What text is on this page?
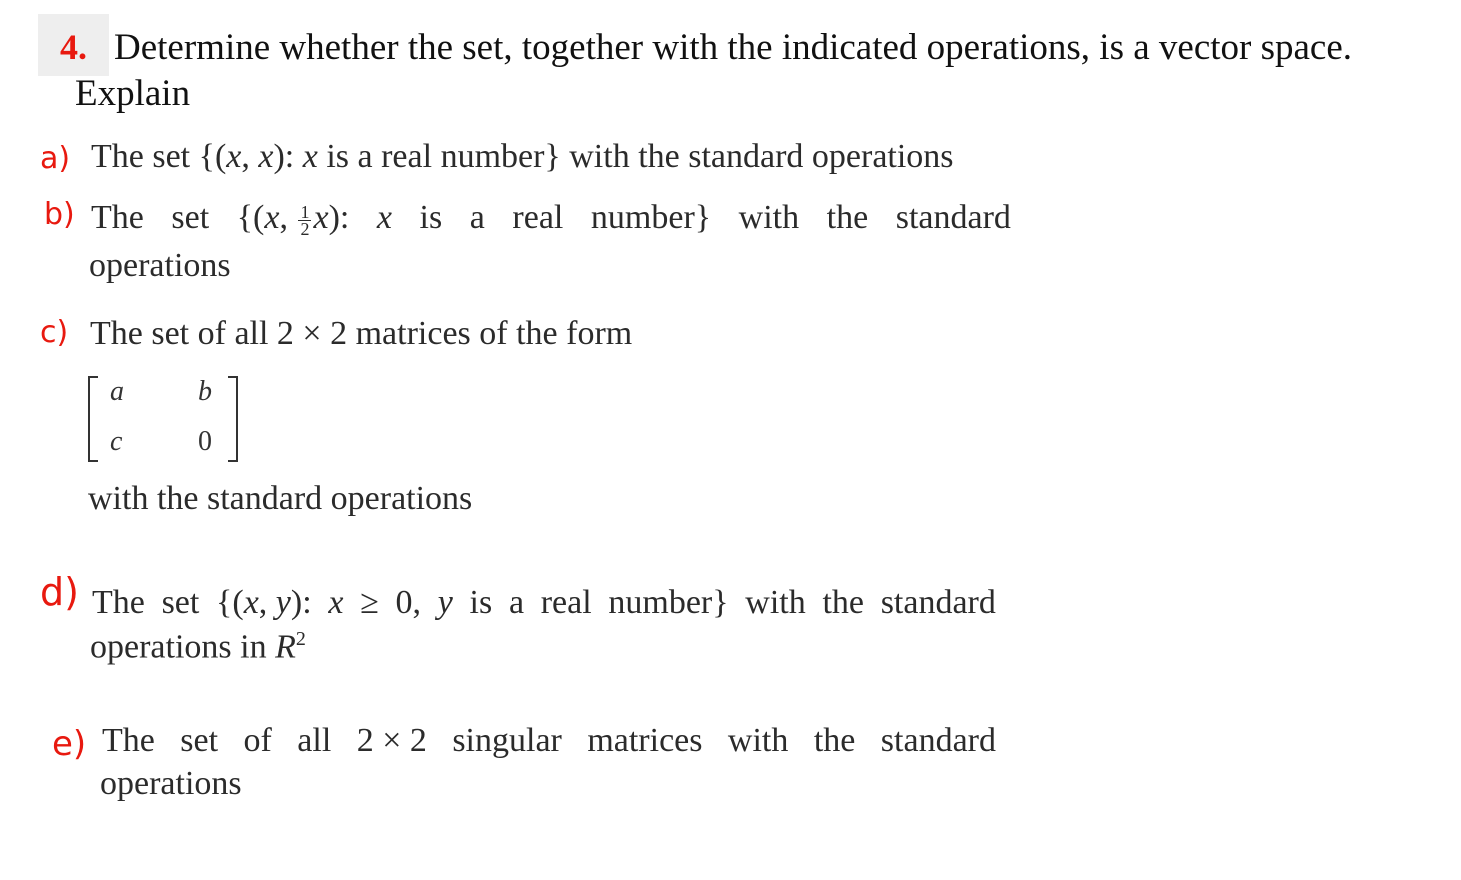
4. Determine whether the set, together with the indicated operations, is a vector space.
Explain
a) The set {(x, x): x is a real number} with the standard operations
b) The set {(x, $\frac{1}{2} x$): x is a real number} with the standard
operations
c) The set of all 2 × 2 matrices of the form
a	b
c	0
with the standard operations
d) The set {(x, y): x ≥ 0, y is a real number} with the standard
operations in $R^2$
e) The set of all 2 × 2 singular matrices with the standard
operations
